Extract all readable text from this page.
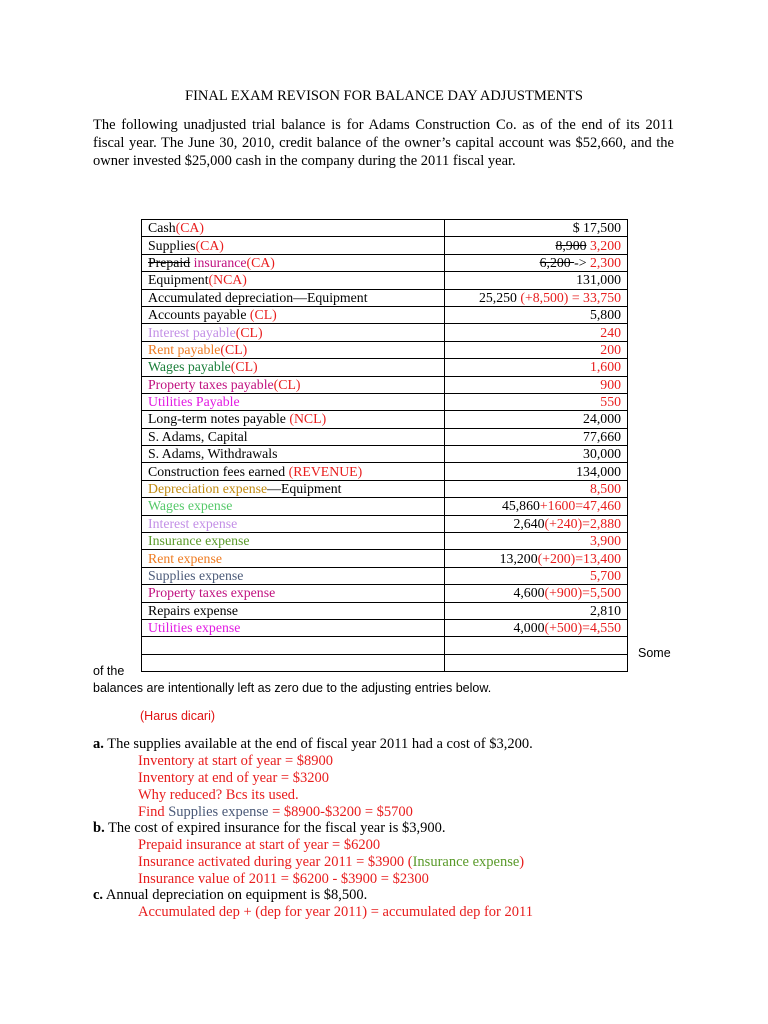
FINAL EXAM REVISON FOR BALANCE DAY ADJUSTMENTS
The following unadjusted trial balance is for Adams Construction Co. as of the end of its 2011 fiscal year. The June 30, 2010, credit balance of the owner’s capital account was $52,660, and the owner invested $25,000 cash in the company during the 2011 fiscal year.
Cash(CA)	$ 17,500
Supplies(CA)	8,900 3,200
Prepaid insurance(CA)	6,200 -> 2,300
Equipment(NCA)	131,000
Accumulated depreciation—Equipment	25,250 (+8,500) = 33,750
Accounts payable (CL)	5,800
Interest payable(CL)	240
Rent payable(CL)	200
Wages payable(CL)	1,600
Property taxes payable(CL)	900
Utilities Payable	550
Long-term notes payable (NCL)	24,000
S. Adams, Capital	77,660
S. Adams, Withdrawals	30,000
Construction fees earned (REVENUE)	134,000
Depreciation expense—Equipment	8,500
Wages expense	45,860+1600=47,460
Interest expense	2,640(+240)=2,880
Insurance expense	3,900
Rent expense	13,200(+200)=13,400
Supplies expense	5,700
Property taxes expense	4,600(+900)=5,500
Repairs expense	2,810
Utilities expense	4,000(+500)=4,550

Some
of the
balances are intentionally left as zero due to the adjusting entries below.
(Harus dicari)
a. The supplies available at the end of fiscal year 2011 had a cost of $3,200.
Inventory at start of year = $8900
Inventory at end of year = $3200
Why reduced? Bcs its used.
Find Supplies expense = $8900-$3200 = $5700
b. The cost of expired insurance for the fiscal year is $3,900.
Prepaid insurance at start of year = $6200
Insurance activated during year 2011 = $3900 (Insurance expense)
Insurance value of 2011 = $6200 - $3900 = $2300
c. Annual depreciation on equipment is $8,500.
Accumulated dep + (dep for year 2011) = accumulated dep for 2011
